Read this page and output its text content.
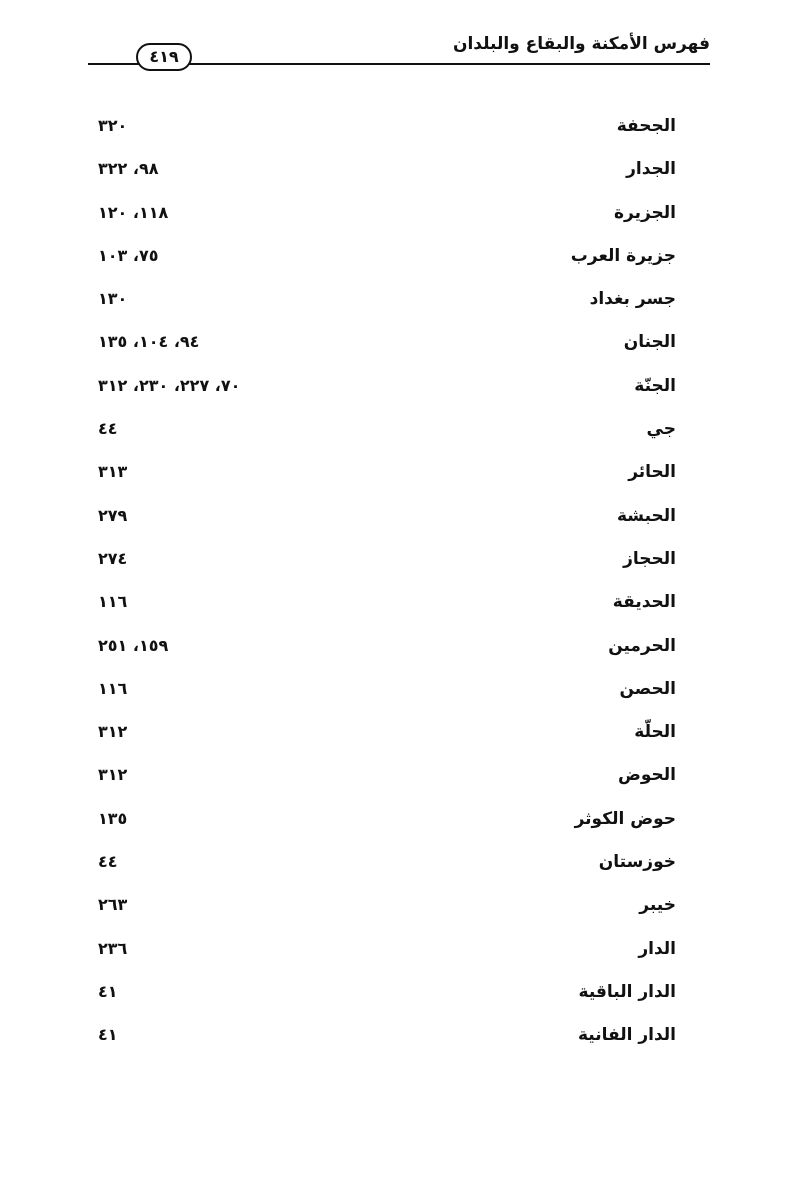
فهرس الأمكنة والبقاع والبلدان
٤١٩
الجحفة
٣٢٠
الجدار
٩٨، ٣٢٢
الجزيرة
١١٨، ١٢٠
جزيرة العرب
٧٥، ١٠٣
جسر بغداد
١٣٠
الجنان
٩٤، ١٠٤، ١٣٥
الجنّة
٧٠، ٢٢٧، ٢٣٠، ٣١٢
جي
٤٤
الحائر
٣١٣
الحبشة
٢٧٩
الحجاز
٢٧٤
الحديقة
١١٦
الحرمين
١٥٩، ٢٥١
الحصن
١١٦
الحلّة
٣١٢
الحوض
٣١٢
حوض الكوثر
١٣٥
خوزستان
٤٤
خيبر
٢٦٣
الدار
٢٣٦
الدار الباقية
٤١
الدار الفانية
٤١
